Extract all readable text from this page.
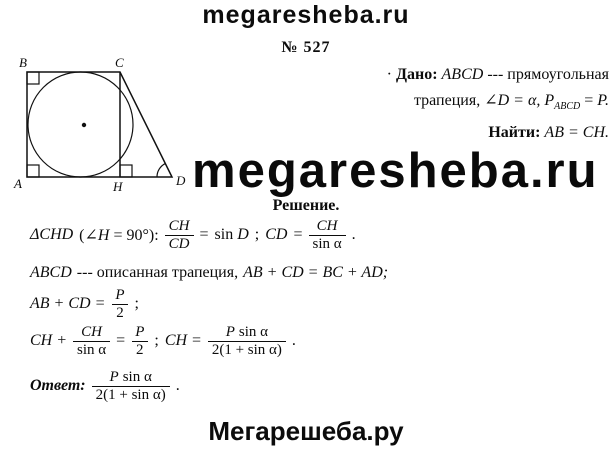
megaresheba.ru
№ 527
B	C
A	D
H
· Дано: ABCD --- прямоугольная
трапеция, ∠D = α, $P_{ABCD} = P$.
Найти: AB = CH.
megaresheba.ru
Решение.
ΔCHD (∠H = 90°): $\frac{CH}{CD} = \sin D$ ; CD = $\frac{CH}{\text{sin α}}$ .
ABCD --- описанная трапеция, AB + CD = BC + AD;
AB + CD = $\frac{P}{2}$ ;
CH + $\frac{CH}{\text{sin α}} = \frac{P}{2}$ ; CH = $\frac{\text{P sin α}}{\text{2(1 + sin α)}}$ .
Ответ: $\frac{\text{P sin α}}{\text{2(1 + sin α)}}$ .
Мегарешеба.ру
